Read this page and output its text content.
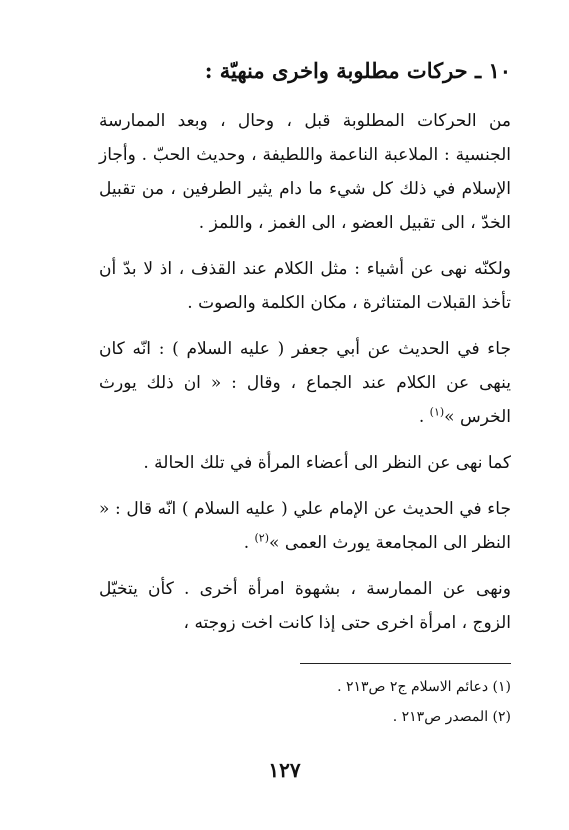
١٠ ـ حركات مطلوبة واخرى منهيّة :

من الحركات المطلوبة قبل ، وحال ، وبعد الممارسة الجنسية : الملاعبة الناعمة واللطيفة ، وحديث الحبّ . وأجاز الإسلام في ذلك كل شيء ما دام يثير الطرفين ، من تقبيل الخدّ ، الى تقبيل العضو ، الى الغمز ، واللمز .

ولكنّه نهى عن أشياء : مثل الكلام عند القذف ، اذ لا بدّ أن تأخذ القبلات المتناثرة ، مكان الكلمة والصوت .

جاء في الحديث عن أبي جعفر ( عليه السلام ) : انّه كان ينهى عن الكلام عند الجماع ، وقال : « ان ذلك يورث الخرس »$^{(١)}$ .

كما نهى عن النظر الى أعضاء المرأة في تلك الحالة .

جاء في الحديث عن الإمام علي ( عليه السلام ) انّه قال : « النظر الى المجامعة يورث العمى »$^{(٢)}$ .

ونهى عن الممارسة ، بشهوة امرأة أخرى . كأن يتخيّل الزوج ، امرأة اخرى حتى إذا كانت اخت زوجته ،

(١) دعائم الاسلام ج٢ ص٢١٣ .

(٢) المصدر ص٢١٣ .

١٢٧
